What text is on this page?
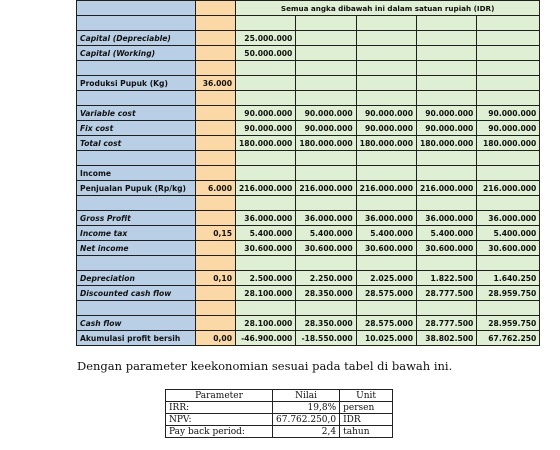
		Semua angka dibawah ini dalam satuan rupiah (IDR)				

Capital (Depreciable)		25.000.000				
Capital (Working)		50.000.000				

Produksi Pupuk (Kg)	36.000					

Variable cost		90.000.000	90.000.000	90.000.000	90.000.000	90.000.000
Fix cost		90.000.000	90.000.000	90.000.000	90.000.000	90.000.000
Total cost		180.000.000	180.000.000	180.000.000	180.000.000	180.000.000

Income						
Penjualan Pupuk (Rp/kg)	6.000	216.000.000	216.000.000	216.000.000	216.000.000	216.000.000

Gross Profit		36.000.000	36.000.000	36.000.000	36.000.000	36.000.000
Income tax	0,15	5.400.000	5.400.000	5.400.000	5.400.000	5.400.000
Net income		30.600.000	30.600.000	30.600.000	30.600.000	30.600.000

Depreciation	0,10	2.500.000	2.250.000	2.025.000	1.822.500	1.640.250
Discounted cash flow		28.100.000	28.350.000	28.575.000	28.777.500	28.959.750

Cash flow		28.100.000	28.350.000	28.575.000	28.777.500	28.959.750
Akumulasi profit bersih	0,00	-46.900.000	-18.550.000	10.025.000	38.802.500	67.762.250

Dengan parameter keekonomian sesuai pada tabel di bawah ini.

Parameter	Nilai	Unit
IRR:	19,8%	persen
NPV:	67.762.250,0	IDR
Pay back period:	2,4	tahun
